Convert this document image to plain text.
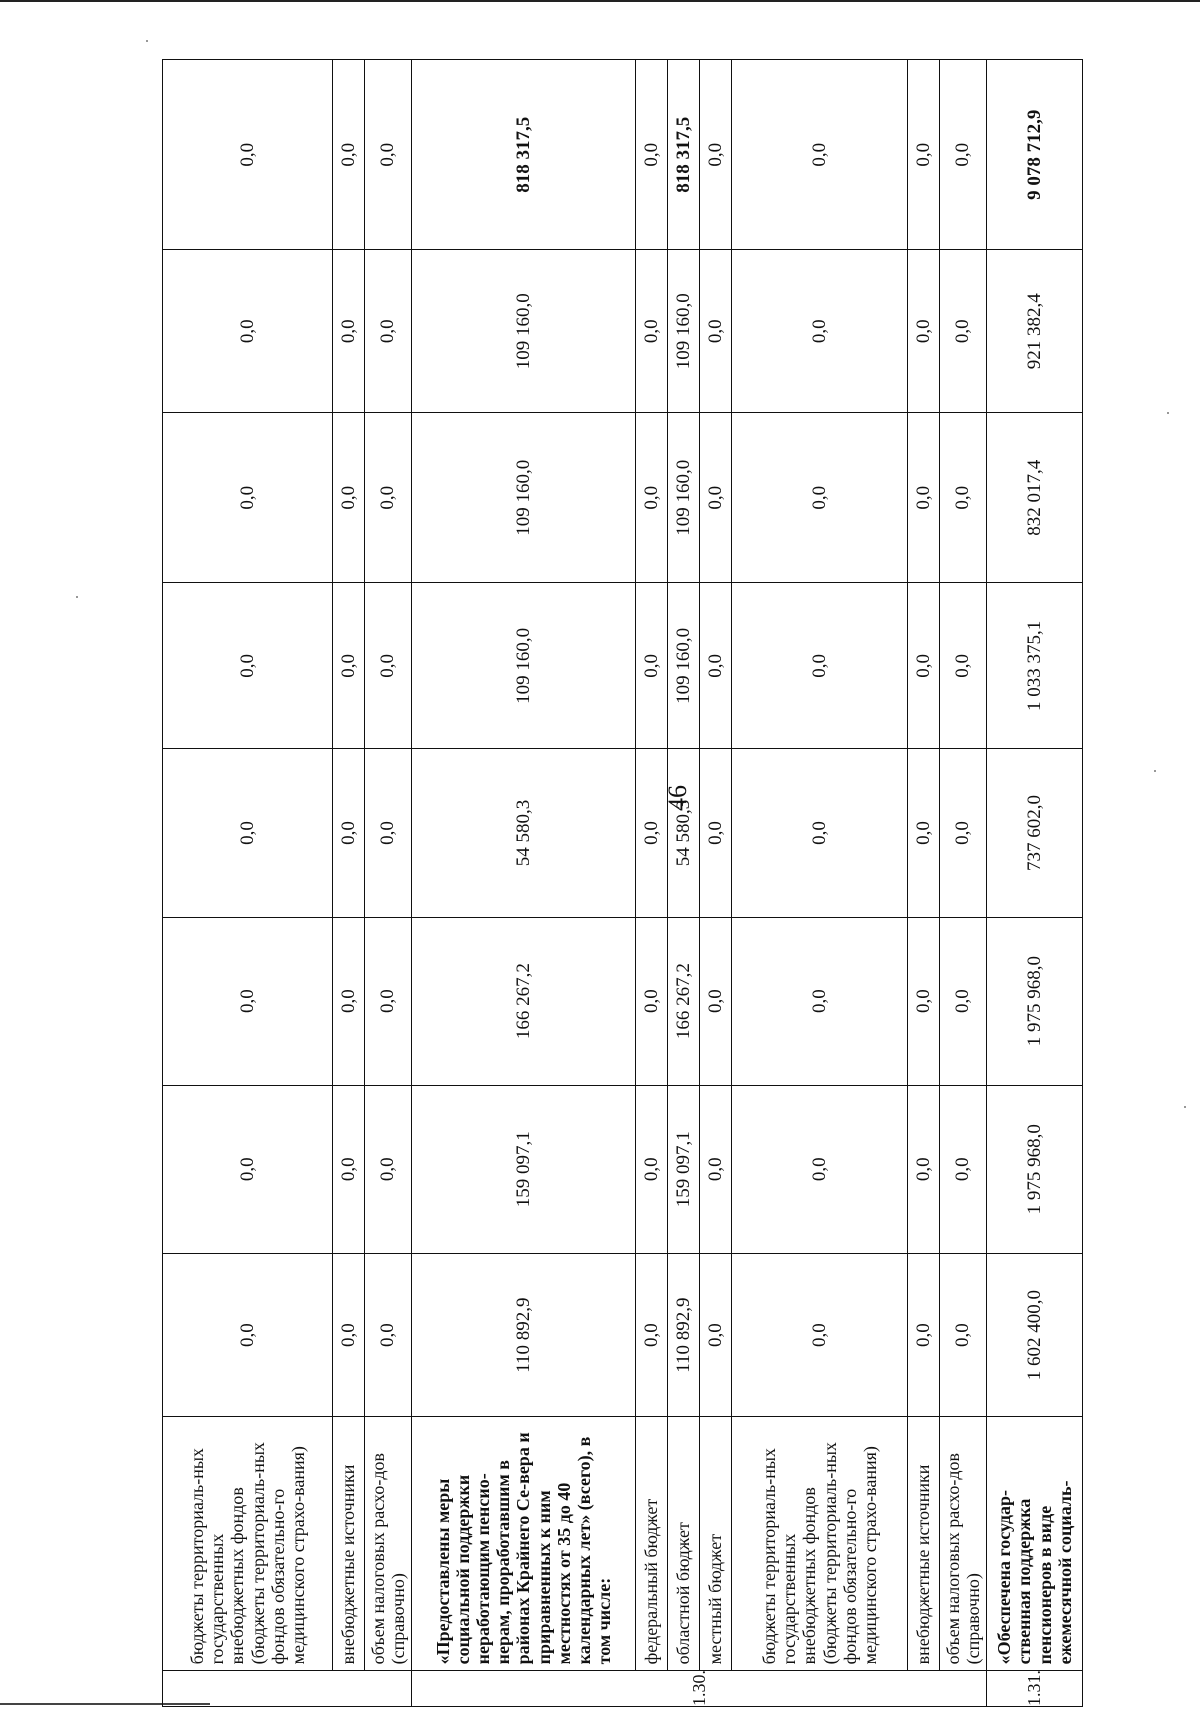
46
	бюджеты территориаль-ных государственных внебюджетных фондов (бюджеты территориаль-ных фондов обязательно-го медицинского страхо-вания)	0,0	0,0	0,0	0,0	0,0	0,0	0,0	0,0
	внебюджетные источники	0,0	0,0	0,0	0,0	0,0	0,0	0,0	0,0
	объем налоговых расхо-дов (справочно)	0,0	0,0	0,0	0,0	0,0	0,0	0,0	0,0
1.30.	«Предоставлены меры социальной поддержки неработающим пенсио-нерам, проработавшим в районах Крайнего Се-вера и приравненных к ним местностях от 35 до 40 календарных лет» (всего), в том числе:	110 892,9	159 097,1	166 267,2	54 580,3	109 160,0	109 160,0	109 160,0	818 317,5
	федеральный бюджет	0,0	0,0	0,0	0,0	0,0	0,0	0,0	0,0
	областной бюджет	110 892,9	159 097,1	166 267,2	54 580,3	109 160,0	109 160,0	109 160,0	818 317,5
	местный бюджет	0,0	0,0	0,0	0,0	0,0	0,0	0,0	0,0
	бюджеты территориаль-ных государственных внебюджетных фондов (бюджеты территориаль-ных фондов обязательно-го медицинского страхо-вания)	0,0	0,0	0,0	0,0	0,0	0,0	0,0	0,0
	внебюджетные источники	0,0	0,0	0,0	0,0	0,0	0,0	0,0	0,0
	объем налоговых расхо-дов (справочно)	0,0	0,0	0,0	0,0	0,0	0,0	0,0	0,0
1.31.	«Обеспечена государ-ственная поддержка пенсионеров в виде ежемесячной социаль-	1 602 400,0	1 975 968,0	1 975 968,0	737 602,0	1 033 375,1	832 017,4	921 382,4	9 078 712,9
